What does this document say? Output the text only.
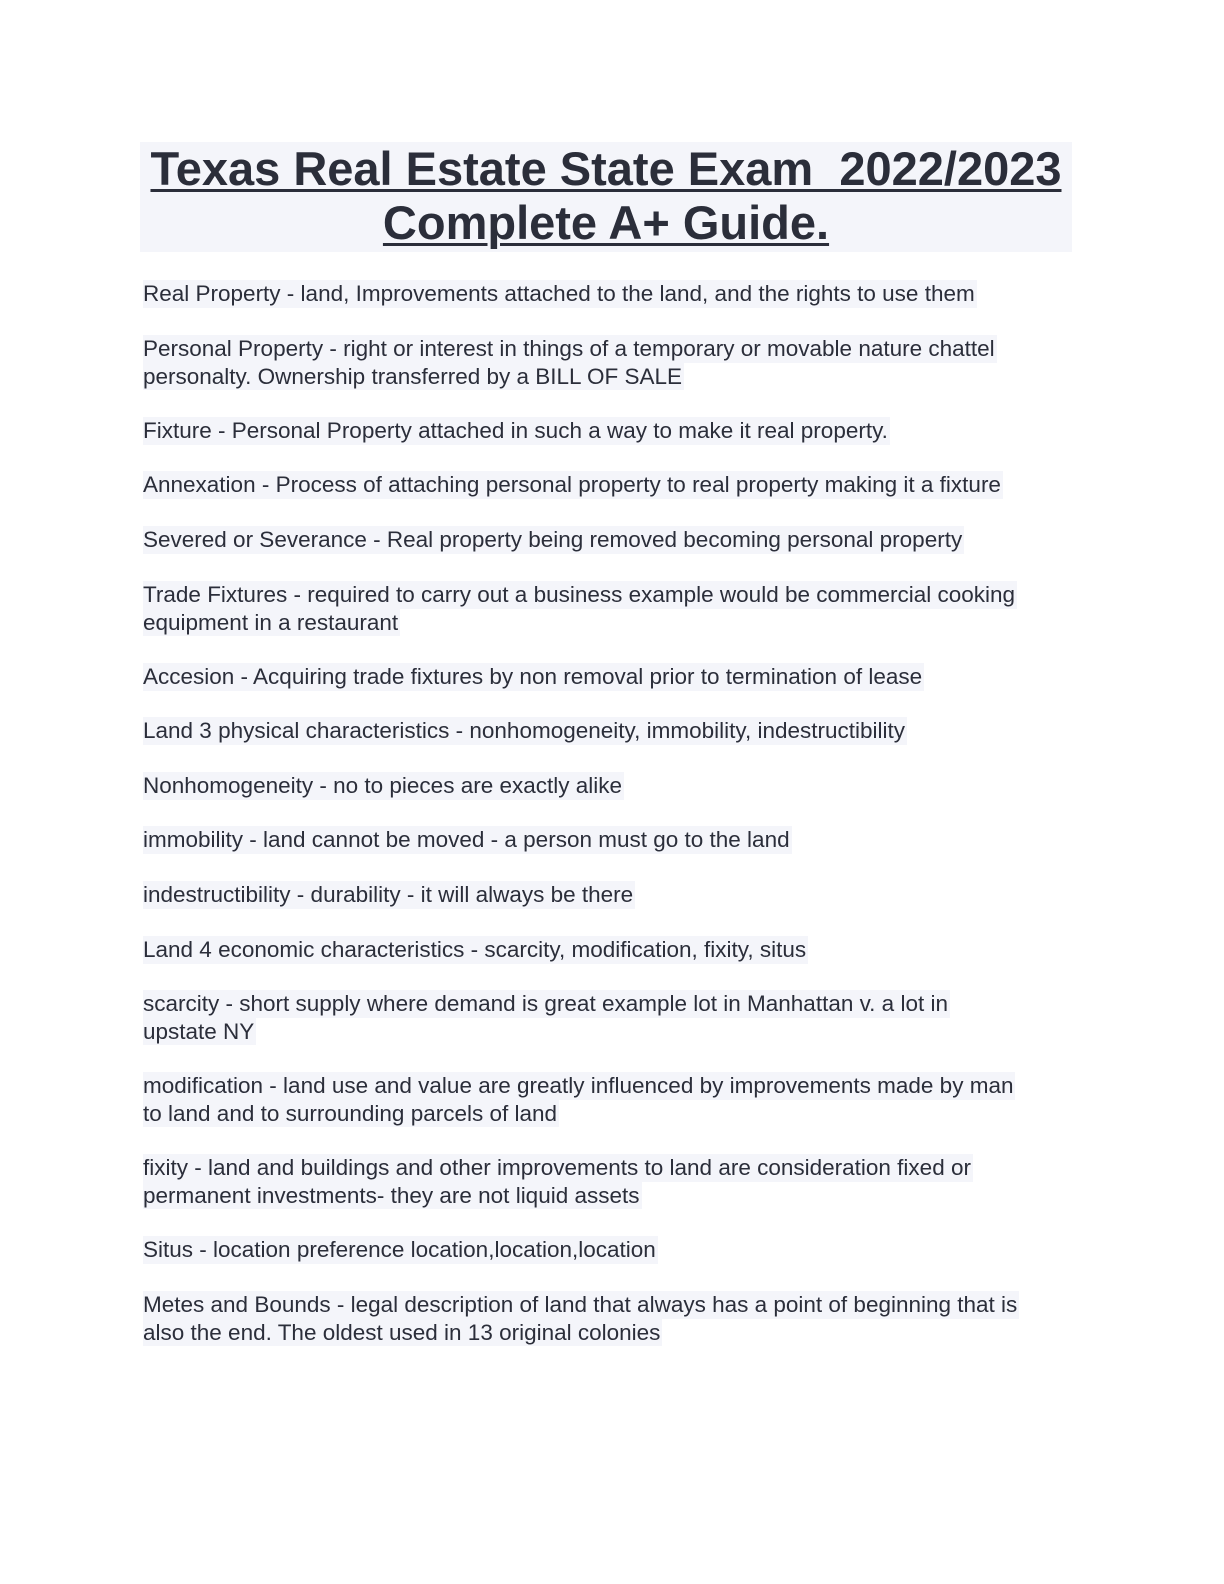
Texas Real Estate State Exam_2022/2023
Complete A+ Guide.
Real Property - land, Improvements attached to the land, and the rights to use them
Personal Property - right or interest in things of a temporary or movable nature chattel
personalty. Ownership transferred by a BILL OF SALE
Fixture - Personal Property attached in such a way to make it real property.
Annexation - Process of attaching personal property to real property making it a fixture
Severed or Severance - Real property being removed becoming personal property
Trade Fixtures - required to carry out a business example would be commercial cooking
equipment in a restaurant
Accesion - Acquiring trade fixtures by non removal prior to termination of lease
Land 3 physical characteristics - nonhomogeneity, immobility, indestructibility
Nonhomogeneity - no to pieces are exactly alike
immobility - land cannot be moved - a person must go to the land
indestructibility - durability - it will always be there
Land 4 economic characteristics - scarcity, modification, fixity, situs
scarcity - short supply where demand is great example lot in Manhattan v. a lot in
upstate NY
modification - land use and value are greatly influenced by improvements made by man
to land and to surrounding parcels of land
fixity - land and buildings and other improvements to land are consideration fixed or
permanent investments- they are not liquid assets
Situs - location preference location,location,location
Metes and Bounds - legal description of land that always has a point of beginning that is
also the end. The oldest used in 13 original colonies
